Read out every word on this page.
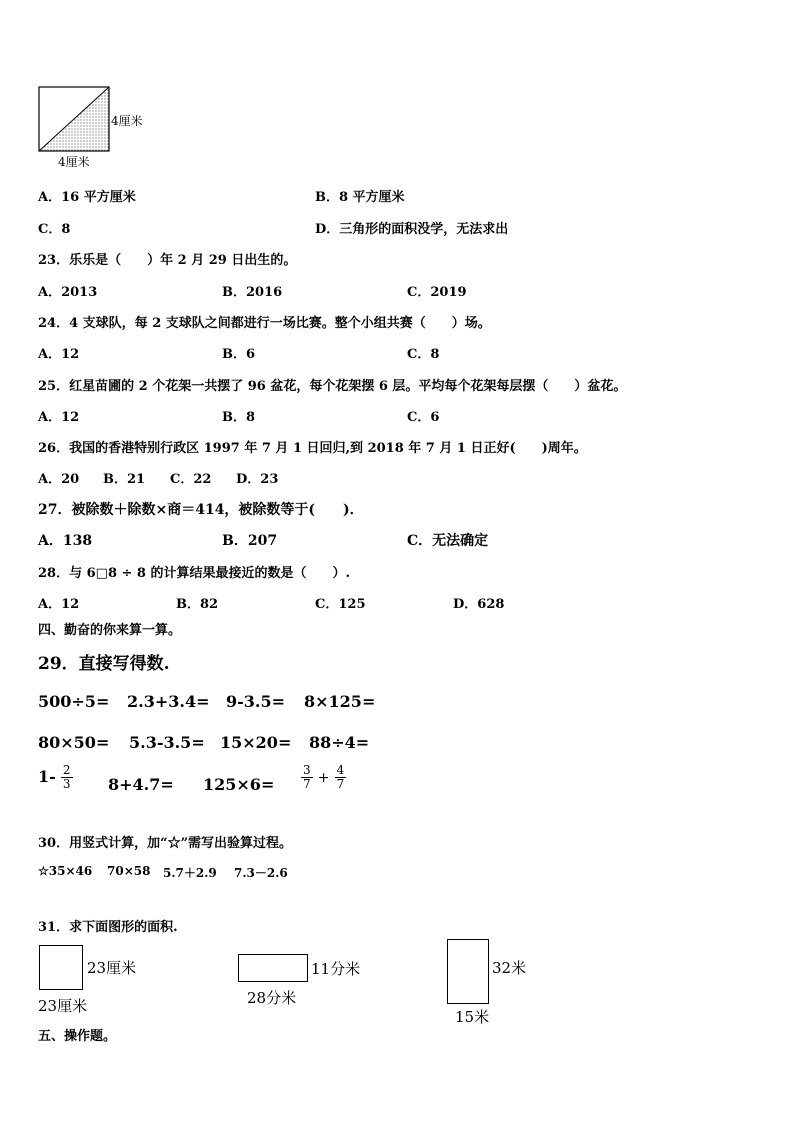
4厘米
4厘米
A．16 平方厘米	B．8 平方厘米
C．8	D．三角形的面积没学，无法求出
23．乐乐是（　　）年 2 月 29 日出生的。
A．2013	B．2016	C．2019
24．4 支球队，每 2 支球队之间都进行一场比赛。整个小组共赛（　　）场。
A．12	B．6	C．8
25．红星苗圃的 2 个花架一共摆了 96 盆花，每个花架摆 6 层。平均每个花架每层摆（　　）盆花。
A．12	B．8	C．6
26．我国的香港特别行政区 1997 年 7 月 1 日回归,到 2018 年 7 月 1 日正好(　　)周年。
A．20 B．21 C．22 D．23
27．被除数＋除数×商＝414，被除数等于(　　)．
A．138	B．207	C．无法确定
28．与 6□8 ÷ 8 的计算结果最接近的数是（　　）.
A．12	B．82	C．125	D．628
四、勤奋的你来算一算。
29．直接写得数.
500÷5= 2.3+3.4= 9-3.5= 8×125=
80×50= 5.3-3.5= 15×20= 88÷4=
$1- \frac{2}{3} 8+4.7= 125\times 6= \frac{3}{7} + \frac{4}{7}$
30．用竖式计算，加“☆”需写出验算过程。
☆35×46 70×58 5.7＋2.9 7.3－2.6
31．求下面图形的面积.
23厘米
23厘米
11分米
28分米
32米
15米
五、操作题。
